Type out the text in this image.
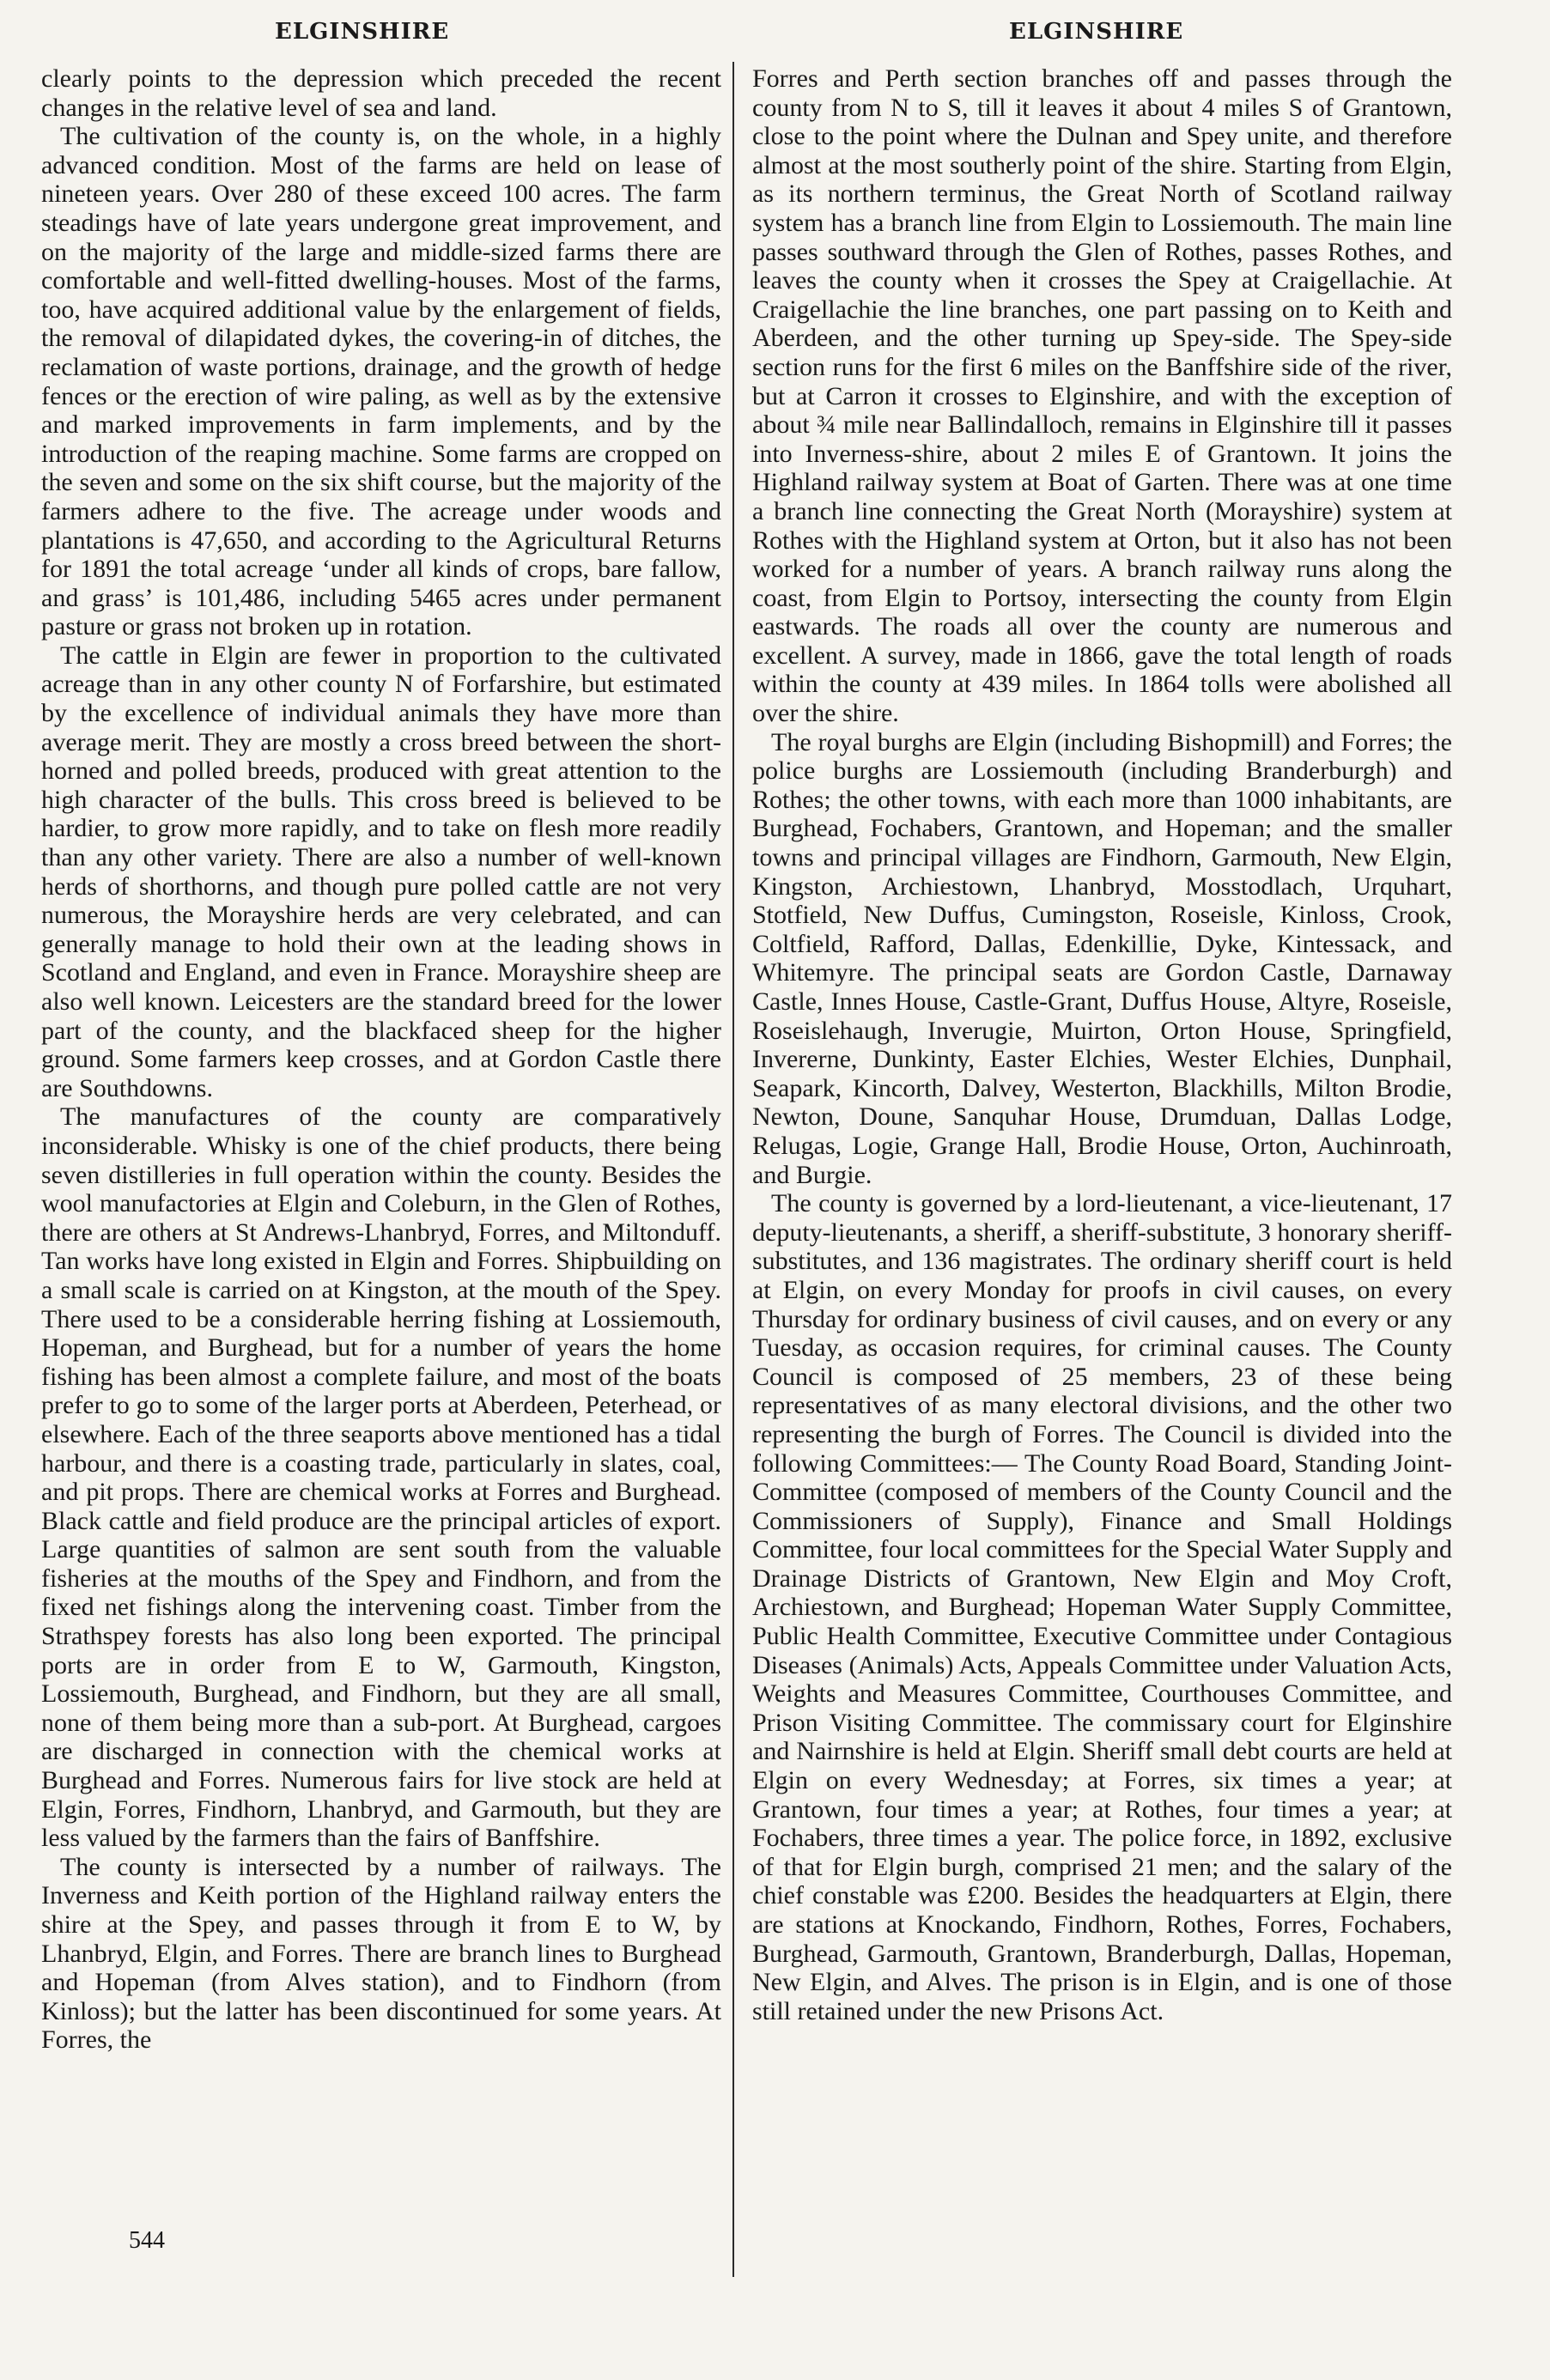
ELGINSHIRE	ELGINSHIRE

clearly points to the depression which preceded the recent changes in the relative level of sea and land.

The cultivation of the county is, on the whole, in a highly advanced condition. Most of the farms are held on lease of nineteen years. Over 280 of these exceed 100 acres. The farm steadings have of late years undergone great improvement, and on the majority of the large and middle-sized farms there are comfortable and well-fitted dwelling-houses. Most of the farms, too, have acquired additional value by the enlargement of fields, the removal of dilapidated dykes, the covering-in of ditches, the reclamation of waste portions, drainage, and the growth of hedge fences or the erection of wire paling, as well as by the extensive and marked improvements in farm implements, and by the introduction of the reaping machine. Some farms are cropped on the seven and some on the six shift course, but the majority of the farmers adhere to the five. The acreage under woods and plantations is 47,650, and according to the Agricultural Returns for 1891 the total acreage ‘under all kinds of crops, bare fallow, and grass’ is 101,486, including 5465 acres under permanent pasture or grass not broken up in rotation.

The cattle in Elgin are fewer in proportion to the cultivated acreage than in any other county N of Forfarshire, but estimated by the excellence of individual animals they have more than average merit. They are mostly a cross breed between the short-horned and polled breeds, produced with great attention to the high character of the bulls. This cross breed is believed to be hardier, to grow more rapidly, and to take on flesh more readily than any other variety. There are also a number of well-known herds of shorthorns, and though pure polled cattle are not very numerous, the Morayshire herds are very celebrated, and can generally manage to hold their own at the leading shows in Scotland and England, and even in France. Morayshire sheep are also well known. Leicesters are the standard breed for the lower part of the county, and the blackfaced sheep for the higher ground. Some farmers keep crosses, and at Gordon Castle there are Southdowns.

The manufactures of the county are comparatively inconsiderable. Whisky is one of the chief products, there being seven distilleries in full operation within the county. Besides the wool manufactories at Elgin and Coleburn, in the Glen of Rothes, there are others at St Andrews-Lhanbryd, Forres, and Miltonduff. Tan works have long existed in Elgin and Forres. Shipbuilding on a small scale is carried on at Kingston, at the mouth of the Spey. There used to be a considerable herring fishing at Lossiemouth, Hopeman, and Burghead, but for a number of years the home fishing has been almost a complete failure, and most of the boats prefer to go to some of the larger ports at Aberdeen, Peterhead, or elsewhere. Each of the three seaports above mentioned has a tidal harbour, and there is a coasting trade, particularly in slates, coal, and pit props. There are chemical works at Forres and Burghead. Black cattle and field produce are the principal articles of export. Large quantities of salmon are sent south from the valuable fisheries at the mouths of the Spey and Findhorn, and from the fixed net fishings along the intervening coast. Timber from the Strathspey forests has also long been exported. The principal ports are in order from E to W, Garmouth, Kingston, Lossiemouth, Burghead, and Findhorn, but they are all small, none of them being more than a sub-port. At Burghead, cargoes are discharged in connection with the chemical works at Burghead and Forres. Numerous fairs for live stock are held at Elgin, Forres, Findhorn, Lhanbryd, and Garmouth, but they are less valued by the farmers than the fairs of Banffshire.

The county is intersected by a number of railways. The Inverness and Keith portion of the Highland railway enters the shire at the Spey, and passes through it from E to W, by Lhanbryd, Elgin, and Forres. There are branch lines to Burghead and Hopeman (from Alves station), and to Findhorn (from Kinloss); but the latter has been discontinued for some years. At Forres, the

Forres and Perth section branches off and passes through the county from N to S, till it leaves it about 4 miles S of Grantown, close to the point where the Dulnan and Spey unite, and therefore almost at the most southerly point of the shire. Starting from Elgin, as its northern terminus, the Great North of Scotland railway system has a branch line from Elgin to Lossiemouth. The main line passes southward through the Glen of Rothes, passes Rothes, and leaves the county when it crosses the Spey at Craigellachie. At Craigellachie the line branches, one part passing on to Keith and Aberdeen, and the other turning up Spey-side. The Spey-side section runs for the first 6 miles on the Banffshire side of the river, but at Carron it crosses to Elginshire, and with the exception of about ¾ mile near Ballindalloch, remains in Elginshire till it passes into Inverness-shire, about 2 miles E of Grantown. It joins the Highland railway system at Boat of Garten. There was at one time a branch line connecting the Great North (Morayshire) system at Rothes with the Highland system at Orton, but it also has not been worked for a number of years. A branch railway runs along the coast, from Elgin to Portsoy, intersecting the county from Elgin eastwards. The roads all over the county are numerous and excellent. A survey, made in 1866, gave the total length of roads within the county at 439 miles. In 1864 tolls were abolished all over the shire.

The royal burghs are Elgin (including Bishopmill) and Forres; the police burghs are Lossiemouth (including Branderburgh) and Rothes; the other towns, with each more than 1000 inhabitants, are Burghead, Fochabers, Grantown, and Hopeman; and the smaller towns and principal villages are Findhorn, Garmouth, New Elgin, Kingston, Archiestown, Lhanbryd, Mosstodlach, Urquhart, Stotfield, New Duffus, Cumingston, Roseisle, Kinloss, Crook, Coltfield, Rafford, Dallas, Edenkillie, Dyke, Kintessack, and Whitemyre. The principal seats are Gordon Castle, Darnaway Castle, Innes House, Castle-Grant, Duffus House, Altyre, Roseisle, Roseislehaugh, Inverugie, Muirton, Orton House, Springfield, Invererne, Dunkinty, Easter Elchies, Wester Elchies, Dunphail, Seapark, Kincorth, Dalvey, Westerton, Blackhills, Milton Brodie, Newton, Doune, Sanquhar House, Drumduan, Dallas Lodge, Relugas, Logie, Grange Hall, Brodie House, Orton, Auchinroath, and Burgie.

The county is governed by a lord-lieutenant, a vice-lieutenant, 17 deputy-lieutenants, a sheriff, a sheriff-substitute, 3 honorary sheriff-substitutes, and 136 magistrates. The ordinary sheriff court is held at Elgin, on every Monday for proofs in civil causes, on every Thursday for ordinary business of civil causes, and on every or any Tuesday, as occasion requires, for criminal causes. The County Council is composed of 25 members, 23 of these being representatives of as many electoral divisions, and the other two representing the burgh of Forres. The Council is divided into the following Committees:— The County Road Board, Standing Joint-Committee (composed of members of the County Council and the Commissioners of Supply), Finance and Small Holdings Committee, four local committees for the Special Water Supply and Drainage Districts of Grantown, New Elgin and Moy Croft, Archiestown, and Burghead; Hopeman Water Supply Committee, Public Health Committee, Executive Committee under Contagious Diseases (Animals) Acts, Appeals Committee under Valuation Acts, Weights and Measures Committee, Courthouses Committee, and Prison Visiting Committee. The commissary court for Elginshire and Nairnshire is held at Elgin. Sheriff small debt courts are held at Elgin on every Wednesday; at Forres, six times a year; at Grantown, four times a year; at Rothes, four times a year; at Fochabers, three times a year. The police force, in 1892, exclusive of that for Elgin burgh, comprised 21 men; and the salary of the chief constable was £200. Besides the headquarters at Elgin, there are stations at Knockando, Findhorn, Rothes, Forres, Fochabers, Burghead, Garmouth, Grantown, Branderburgh, Dallas, Hopeman, New Elgin, and Alves. The prison is in Elgin, and is one of those still retained under the new Prisons Act.

544
